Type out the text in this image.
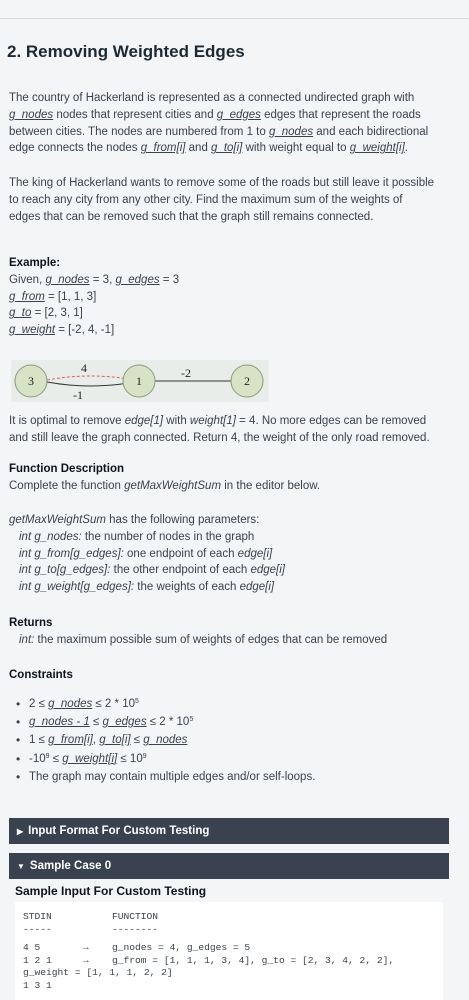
2. Removing Weighted Edges

The country of Hackerland is represented as a connected undirected graph with

g_nodes nodes that represent cities and g_edges edges that represent the roads

between cities. The nodes are numbered from 1 to g_nodes and each bidirectional

edge connects the nodes g_from[i] and g_to[i] with weight equal to g_weight[i].

The king of Hackerland wants to remove some of the roads but still leave it possible

to reach any city from any other city. Find the maximum sum of the weights of

edges that can be removed such that the graph still remains connected.

Example:

Given, g_nodes = 3, g_edges = 3

g_from = [1, 1, 3]

g_to = [2, 3, 1]

g_weight = [-2, 4, -1]

4
-1
-2
3	1	2

It is optimal to remove edge[1] with weight[1] = 4. No more edges can be removed

and still leave the graph connected. Return 4, the weight of the only road removed.

Function Description

Complete the function getMaxWeightSum in the editor below.

getMaxWeightSum has the following parameters:

int g_nodes: the number of nodes in the graph

int g_from[g_edges]: one endpoint of each edge[i]

int g_to[g_edges]: the other endpoint of each edge[i]

int g_weight[g_edges]: the weights of each edge[i]

Returns

int: the maximum possible sum of weights of edges that can be removed

Constraints

• 2 ≤ g_nodes ≤ $2 * 10^5$
• g_nodes - 1 ≤ g_edges ≤ $2 * 10^5$
• 1 ≤ g_from[i], g_to[i] ≤ g_nodes
• $-10^9$ ≤ g_weight[i] ≤ $10^9$
• The graph may contain multiple edges and/or self-loops.
▶ Input Format For Custom Testing
▼ Sample Case 0
Sample Input For Custom Testing
STDIN	FUNCTION
-----	--------
4 5	→ g_nodes = 4, g_edges = 5
1 2 1	→ g_from = [1, 1, 1, 3, 4], g_to = [2, 3, 4, 2, 2],
g_weight = [1, 1, 1, 2, 2]
1 3 1
